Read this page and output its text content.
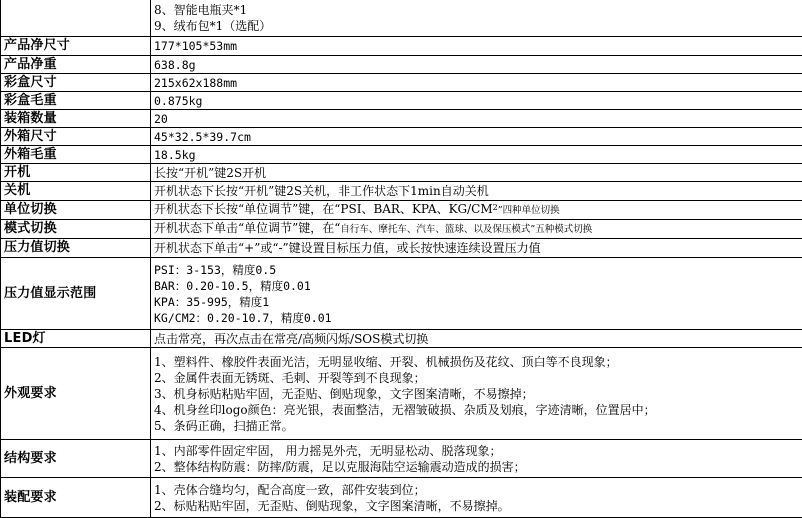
	8、智能电瓶夹*1
9、绒布包*1（选配）

产品净尺寸	177*105*53mm
产品净重	638.8g
彩盒尺寸	215x62x188mm
彩盒毛重	0.875kg
装箱数量	20
外箱尺寸	45*32.5*39.7cm
外箱毛重	18.5kg
开机	长按“开机”键2S开机
关机	开机状态下长按“开机”键2S关机，非工作状态下1min自动关机
单位切换	开机状态下长按“单位调节”键，在“PSI、BAR、KPA、$KG/CM^2$”四种单位切换
模式切换	开机状态下单击“单位调节”键，在“自行车、摩托车、汽车、篮球、以及保压模式”五种模式切换
压力值切换	开机状态下单击“+”或“-”键设置目标压力值，或长按快速连续设置压力值
压力值显示范围	PSI：3-153，精度0.5
BAR：0.20-10.5，精度0.01
KPA：35-995，精度1
KG/CM2：0.20-10.7，精度0.01

LED灯	点击常亮，再次点击在常亮/高频闪烁/SOS模式切换
外观要求	1、塑料件、橡胶件表面光洁，无明显收缩、开裂、机械损伤及花纹、顶白等不良现象；
2、金属件表面无锈斑、毛刺、开裂等到不良现象；
3、机身标贴粘贴牢固，无歪贴、倒贴现象，文字图案清晰，不易擦掉；
4、机身丝印logo颜色：亮光银，表面整洁，无褶皱破损、杂质及划痕，字迹清晰，位置居中；
5、条码正确，扫描正常。

结构要求	1、内部零件固定牢固， 用力摇晃外壳，无明显松动、脱落现象；
2、整体结构防震：防摔/防震，足以克服海陆空运输震动造成的损害；

装配要求	1、壳体合缝均匀，配合高度一致，部件安装到位；
2、标贴粘贴牢固，无歪贴、倒贴现象，文字图案清晰，不易擦掉。
